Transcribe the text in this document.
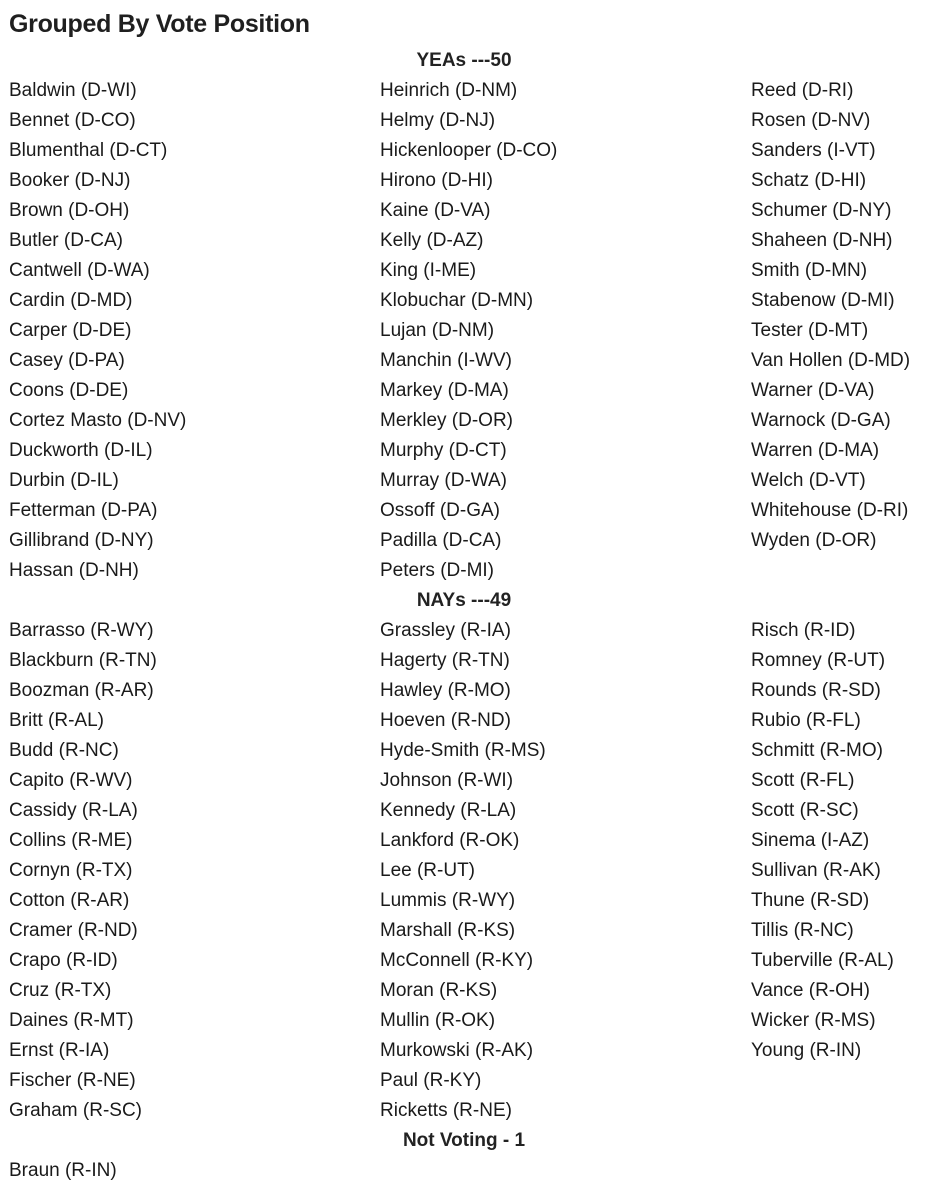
Grouped By Vote Position
YEAs ---50
Baldwin (D-WI)
Bennet (D-CO)
Blumenthal (D-CT)
Booker (D-NJ)
Brown (D-OH)
Butler (D-CA)
Cantwell (D-WA)
Cardin (D-MD)
Carper (D-DE)
Casey (D-PA)
Coons (D-DE)
Cortez Masto (D-NV)
Duckworth (D-IL)
Durbin (D-IL)
Fetterman (D-PA)
Gillibrand (D-NY)
Hassan (D-NH)
Heinrich (D-NM)
Helmy (D-NJ)
Hickenlooper (D-CO)
Hirono (D-HI)
Kaine (D-VA)
Kelly (D-AZ)
King (I-ME)
Klobuchar (D-MN)
Lujan (D-NM)
Manchin (I-WV)
Markey (D-MA)
Merkley (D-OR)
Murphy (D-CT)
Murray (D-WA)
Ossoff (D-GA)
Padilla (D-CA)
Peters (D-MI)
Reed (D-RI)
Rosen (D-NV)
Sanders (I-VT)
Schatz (D-HI)
Schumer (D-NY)
Shaheen (D-NH)
Smith (D-MN)
Stabenow (D-MI)
Tester (D-MT)
Van Hollen (D-MD)
Warner (D-VA)
Warnock (D-GA)
Warren (D-MA)
Welch (D-VT)
Whitehouse (D-RI)
Wyden (D-OR)
NAYs ---49
Barrasso (R-WY)
Blackburn (R-TN)
Boozman (R-AR)
Britt (R-AL)
Budd (R-NC)
Capito (R-WV)
Cassidy (R-LA)
Collins (R-ME)
Cornyn (R-TX)
Cotton (R-AR)
Cramer (R-ND)
Crapo (R-ID)
Cruz (R-TX)
Daines (R-MT)
Ernst (R-IA)
Fischer (R-NE)
Graham (R-SC)
Grassley (R-IA)
Hagerty (R-TN)
Hawley (R-MO)
Hoeven (R-ND)
Hyde-Smith (R-MS)
Johnson (R-WI)
Kennedy (R-LA)
Lankford (R-OK)
Lee (R-UT)
Lummis (R-WY)
Marshall (R-KS)
McConnell (R-KY)
Moran (R-KS)
Mullin (R-OK)
Murkowski (R-AK)
Paul (R-KY)
Ricketts (R-NE)
Risch (R-ID)
Romney (R-UT)
Rounds (R-SD)
Rubio (R-FL)
Schmitt (R-MO)
Scott (R-FL)
Scott (R-SC)
Sinema (I-AZ)
Sullivan (R-AK)
Thune (R-SD)
Tillis (R-NC)
Tuberville (R-AL)
Vance (R-OH)
Wicker (R-MS)
Young (R-IN)
Not Voting - 1
Braun (R-IN)
